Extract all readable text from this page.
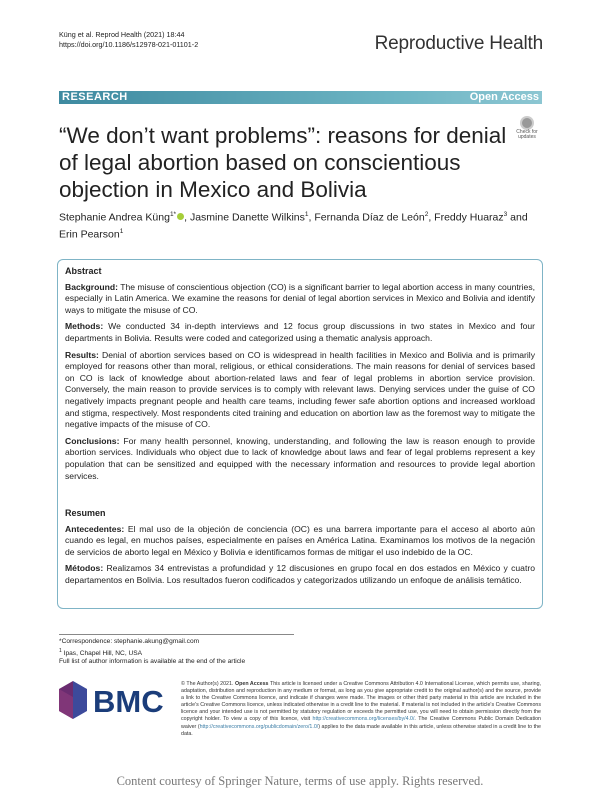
Küng et al. Reprod Health (2021) 18:44
https://doi.org/10.1186/s12978-021-01101-2	Reproductive Health
RESEARCH	Open Access
“We don’t want problems”: reasons for denial of legal abortion based on conscientious objection in Mexico and Bolivia
Check for updates
Stephanie Andrea Küng$^{1*}$ , Jasmine Danette Wilkins$^1$, Fernanda Díaz de León$^2$, Freddy Huaraz$^3$ and Erin Pearson$^1$
Abstract

Background: The misuse of conscientious objection (CO) is a significant barrier to legal abortion access in many countries, especially in Latin America. We examine the reasons for denial of legal abortion services in Mexico and Bolivia and identify ways to mitigate the misuse of CO.

Methods: We conducted 34 in-depth interviews and 12 focus group discussions in two states in Mexico and four departments in Bolivia. Results were coded and categorized using a thematic analysis approach.

Results: Denial of abortion services based on CO is widespread in health facilities in Mexico and Bolivia and is primarily employed for reasons other than moral, religious, or ethical considerations. The main reasons for denial of services based on CO is lack of knowledge about abortion-related laws and fear of legal problems in abortion service provision. Conversely, the main reason to provide services is to comply with relevant laws. Denying services under the guise of CO negatively impacts pregnant people and health care teams, including fewer safe abortion options and increased workload and stigma, respectively. Most respondents cited training and education on abortion law as the foremost way to mitigate the negative impacts of the misuse of CO.

Conclusions: For many health personnel, knowing, understanding, and following the law is reason enough to provide abortion services. Individuals who object due to lack of knowledge about laws and fear of legal problems represent a key population that can be sensitized and equipped with the necessary information and resources to provide legal abortion services.

Resumen

Antecedentes: El mal uso de la objeción de conciencia (OC) es una barrera importante para el acceso al aborto aún cuando es legal, en muchos países, especialmente en países en América Latina. Examinamos los motivos de la negación de servicios de aborto legal en México y Bolivia e identificamos formas de mitigar el uso indebido de la OC.

Métodos: Realizamos 34 entrevistas a profundidad y 12 discusiones en grupo focal en dos estados en México y cuatro departamentos en Bolivia. Los resultados fueron codificados y categorizados utilizando un enfoque de análisis temático.

*Correspondence: stephanie.akung@gmail.com
$^1$ Ipas, Chapel Hill, NC, USA
Full list of author information is available at the end of the article
BMC	© The Author(s) 2021. Open Access This article is licensed under a Creative Commons Attribution 4.0 International License, which permits use, sharing, adaptation, distribution and reproduction in any medium or format, as long as you give appropriate credit to the original author(s) and the source, provide a link to the Creative Commons licence, and indicate if changes were made. The images or other third party material in this article are included in the article's Creative Commons licence, unless indicated otherwise in a credit line to the material. If material is not included in the article's Creative Commons licence and your intended use is not permitted by statutory regulation or exceeds the permitted use, you will need to obtain permission directly from the copyright holder. To view a copy of this licence, visit http://creativecommons.org/licenses/by/4.0/. The Creative Commons Public Domain Dedication waiver (http://creativecommons.org/publicdomain/zero/1.0/) applies to the data made available in this article, unless otherwise stated in a credit line to the data.
Content courtesy of Springer Nature, terms of use apply. Rights reserved.
